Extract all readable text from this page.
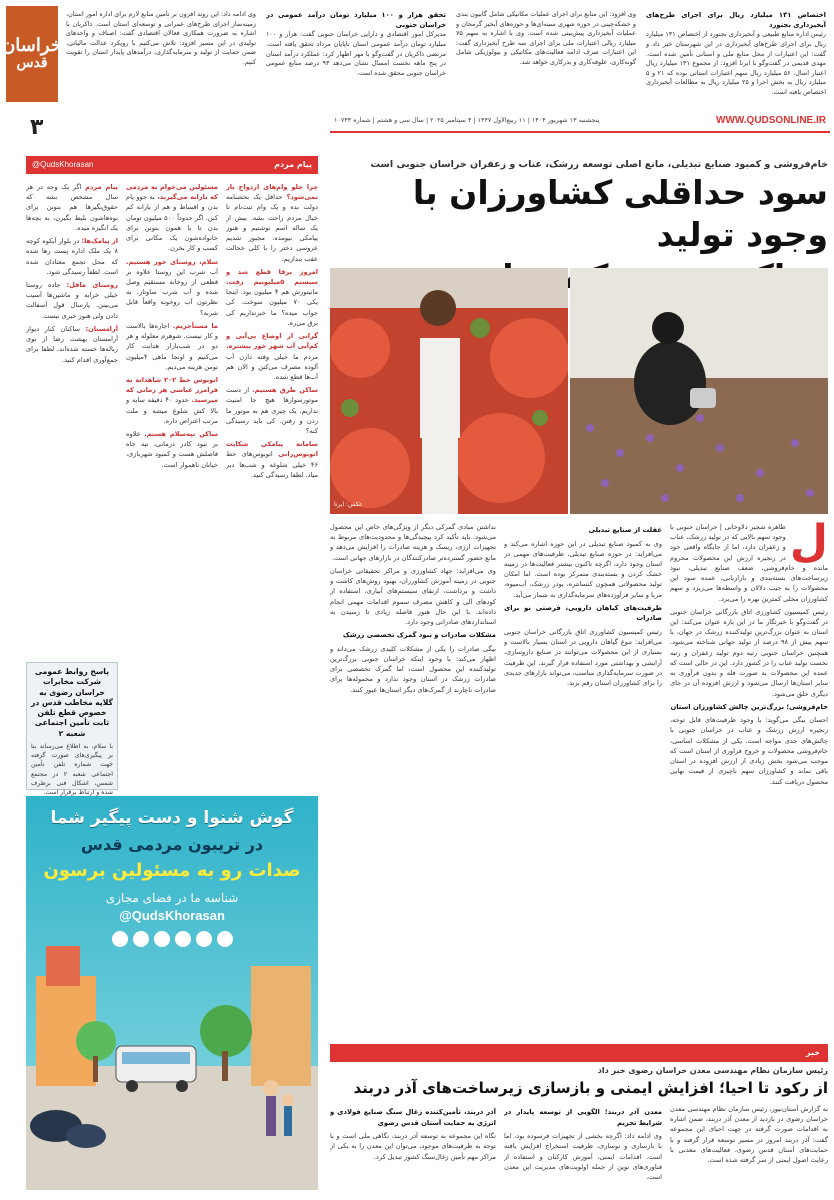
اختصاص ۱۳۱ میلیارد ریال برای اجرای طرح‌های آبخیزداری بجنورد
رئیس اداره منابع طبیعی و آبخیزداری بجنورد از اختصاص ۱۳۱ میلیارد ریال برای اجرای طرح‌های آبخیزداری در این شهرستان خبر داد و گفت: این اعتبارات از محل منابع ملی و استانی تأمین شده است. مهدی قدیمی در گفت‌وگو با ایرنا افزود: از مجموع ۱۳۱ میلیارد ریال اعتبار اسال، ۵۶ میلیارد ریال سهم اعتبارات استانی بوده که ۲۱ و ۵ میلیارد ریال به بخش اجرا و ۲۵ میلیارد ریال به مطالعات آبخیزداری اختصاص یافته است.
وی افزود: این منابع برای اجرای عملیات مکانیکی شامل گابیون بندی و خشکه‌چینی در حوزه شهری سینه‌ای‌ها و حوزه‌های آبخیز گرمخان و عملیات آبخیزداری پیش‌بینی شده است. وی با اشاره به سهم ۷۵ میلیارد ریالی اعتبارات ملی برای اجرای سه طرح آبخیزداری گفت: این اعتبارات صرف ادامه فعالیت‌های مکانیکی و بیولوژیکی شامل گونه‌کاری، علوفه‌کاری و بذرکاری خواهد شد.
تحقق هزار و ۱۰۰ میلیارد تومان درآمد عمومی در خراسان جنوبی
مدیرکل امور اقتصادی و دارایی خراسان جنوبی گفت: هزار و ۱۰۰ میلیارد تومان درآمد عمومی استان تاپایان مرداد تحقق یافته است. مرتضی ذاکریان در گفت‌وگو با مهر اظهار کرد: عملکرد درآمد استان در پنج ماهه نخست امسال نشان می‌دهد ۹۳ درصد منابع عمومی خراسان جنوبی محقق شده است.
وی ادامه داد: این روند افزون بر تأمین منابع لازم برای اداره امور استان، زمینه‌ساز اجرای طرح‌های عمرانی و توسعه‌ای استان است. ذاکریان با اشاره به ضرورت همکاری فعالان اقتصادی گفت: اصناف و واحدهای تولیدی در این مسیر افزود: تلاش می‌کنیم با رویکرد عدالت مالیاتی، ضمن حمایت از تولید و سرمایه‌گذاری، درآمدهای پایدار استان را تقویت کنیم.
خراسان
قدس
۳	WWW.QUDSONLINE.IR
پنجشنبه ۱۳ شهریور ۱۴۰۴ | ۱۱ ربیع‌الاول ۱۴۴۷ | ۴ سپتامبر ۲۰۲۵ | سال سی و هشتم | شماره ۱۰۷۳۳
پیام مردم
@QudsKhorasan

چرا جلو وام‌های ازدواج باز نمی‌شود؟ حداقل یک بخشنامه دولت بده و یک وام ثبت‌نام تا خیال مردم راحت بشه. بیش از یک ساله اسم نوشتیم و هنوز پیامکی نیومده. مجبور شدیم عروسی دختر را با کلی خجالت عقب بندازیم.

امروز برقا قطع شد و سیستم ۵میلیونیم رفت. مانیتورش هم ۴ میلیون بود. اینجا یکی ۷۰ میلیون سوخت. کی جواب میده؟ ما خبرنداریم کی برق می‌ره.

گرانی از اوضاع بی‌آبی و کم‌آبی آب شهر خور بیشتره. مردم ما خیلی وقته دارن آب آلوده مصرف می‌کنن و الان هم آب‌ها قطع شده.

ساکن طرق هستیم. از دست موتورسوارها هیچ جا امنیت نداریم. یک چیزی هم به موتور ما زدن و رفتن. کی باید رسیدگی کنه؟

سامانه پیامکی شکایت اتوبوس‌رانی اتوبوس‌های خط ۴۶ خیلی شلوغه و شب‌ها دیر میاد. لطفا رسیدگی کنید.

مسئولین می‌خوام به مردمی که بارانه می‌گیرند، به جوو یام بدن و اقساط و هم از یارانه کم کنن. اگر حدوداً ۵۰۰ میلیون تومان بدن تا با همون بتونن برای خانواده‌شون یک مکانی برای کسب و کار بخرن.

سلام، روستای خور هستیم. آب شرب این روستا علاوه بر قطعی از روخانه مستقیم وصل شده و آب شرب ساوتار. به نظرتون آب روخونه واقعاً قابل شربه؟

ما مستأجریم. اجاره‌ها بالاست و کار نیست. شوهرم معلوله و هر دو در شب‌بازار هدایت کار می‌کنیم و اونجا ماهی ۴میلیون تومن هزینه می‌دیم.

اتوبوس خط ۲۰۲ شاهدانه به فرامرز عباسی هر زمانی که میرسید. حدود ۴۰ دقیقه سایه و بالا کش شلوغ میشه و ملت مرتب اعتراض داره.

ساکن تپه‌سلام هستم. علاوه بر نبود کادر درمانی، تپه جاه فاصلش هست و کمبود شهربازی، خیابان ناهموار است.

پیام مردم اگر یک وجه در هر سال مشخص بشه که حقوق‌بگیرها هم بتونن برای نوه‌هاشون بلیط بگیرن، به بچه‌ها یک انگیزه میده.

از پیامک‌ها: در بلوار آبکوه کوچه ۸ یک ملک اداره پست رها شده که محل تجمع معتادان شده است. لطفاً رسیدگی شود.

روستای ماقل: جاده روستا خیلی خرابه و ماشین‌ها آسیب می‌بینن. پارسال قول آسفالت دادن ولی هنوز خبری نیست.

آرامستان: ساکنان کنار دیوار آرامستان بهشت رضا از بوی زباله‌ها خسته شده‌اند. لطفا برای جمع‌آوری اقدام کنید.

پاسخ روابط عمومی شرکت مخابرات خراسان رضوی به گلایه مخاطب قدس در خصوص قطع تلفن ثابت تأمین اجتماعی شعبه ۲
با سلام، به اطلاع می‌رساند بنا بر پیگیری‌های صورت گرفته جهت شماره تلفن تأمین اجتماعی شعبه ۲ در مجتمع شمس، اشکال فنی برطرف شده و ارتباط برقرار است.
گوش شنوا و دست پیگیر شما
در تریبون مردمی قدس
صدات رو به مسئولین برسون
شناسه ما در فضای مجازی
@QudsKhorasan
خام‌فروشی و کمبود صنایع تبدیلی، مانع اصلی توسعه زرشک، عناب و زعفران خراسان جنوبی است
سود حداقلی کشاورزان با وجود تولید
عکس: ایرنا
ل

طاهره شجیر دلاوخانی | خراسان جنوبی با وجود سهم بالایی که در تولید زرشک، عناب و زعفران دارد، اما از جایگاه واقعی خود در زنجیره ارزش این محصولات محروم مانده و خام‌فروشی، ضعف صنایع تبدیلی، نبود زیرساخت‌های بسته‌بندی و بازاریابی، عمده سود این محصولات را به جیب دلالان و واسطه‌ها می‌ریزد و سهم کشاورزان محلی کمترین بهره را می‌برد.

رئیس کمیسیون کشاورزی اتاق بازرگانی خراسان جنوبی در گفت‌وگو با خبرنگار ما در این باره عنوان می‌کند: این استان به عنوان بزرگ‌ترین تولیدکننده زرشک در جهان، با سهم بیش از ۹۸ درصد از تولید جهانی شناخته می‌شود. همچنین خراسان جنوبی رتبه دوم تولید زعفران و رتبه نخست تولید عناب را در کشور دارد. این در حالی است که عمده این محصولات به صورت فله و بدون فرآوری به سایر استان‌ها ارسال می‌شود و ارزش افزوده آن در جای دیگری خلق می‌شود.

خام‌فروشی؛ بزرگ‌ترین چالش کشاورزان استان

احسان بیگی می‌گوید: با وجود ظرفیت‌های قابل توجه، زنجیره ارزش زرشک و عناب در خراسان جنوبی با چالش‌های جدی مواجه است. یکی از مشکلات اساسی، خام‌فروشی محصولات و خروج فراوری از استان است که موجب می‌شود بخش زیادی از ارزش افزوده در استان باقی نماند و کشاورزان سهم ناچیزی از قیمت نهایی محصول دریافت کنند.

غفلت از صنایع تبدیلی

وی به کمبود صنایع تبدیلی در این حوزه اشاره می‌کند و می‌افزاید: در حوزه صنایع تبدیلی، ظرفیت‌های مهمی در استان وجود دارد، اگرچه تاکنون بیشتر فعالیت‌ها در زمینه خشک کردن و بسته‌بندی متمرکز بوده است. اما امکان تولید محصولاتی همچون کنسانتره، پودر زرشک، آب‌میوه، مربا و سایر فرآورده‌های سرمایه‌گذاری به شمار می‌آید.

ظرفیت‌های کیاهان دارویی، فرصتی نو برای صادرات

رئیس کمیسیون کشاورزی اتاق بازرگانی خراسان جنوبی می‌افزاید: تنوع گیاهان دارویی در استان بسیار بالاست و بسیاری از این محصولات می‌توانند در صنایع داروسازی، آرایشی و بهداشتی مورد استفاده قرار گیرند. این ظرفیت در صورت سرمایه‌گذاری مناسب، می‌تواند بازارهای جدیدی را برای کشاورزان استان رقم بزند.

نداشتن مبادی گمرکی دیگر از ویژگی‌های خاص این محصول می‌شود. باید تأکید کرد پیچیدگی‌ها و محدودیت‌های مربوط به تجهیزات ارزی، ریسک و هزینه صادرات را افزایش می‌دهد و مانع حضور گسترده‌تر صادرکنندگان در بازارهای جهانی است.

وی می‌افزاید: جهاد کشاورزی و مراکز تحقیقاتی خراسان جنوبی در زمینه آموزش کشاورزان، بهبود روش‌های کاشت و داشت و برداشت، ارتقای سیستم‌های آبیاری، استفاده از کودهای آلی و کاهش مصرف سموم اقدامات مهمی انجام داده‌اند. با این حال هنوز فاصله زیادی تا رسیدن به استانداردهای صادراتی وجود دارد.

مشکلات صادرات و نبود گمرک تخصصی زرشک

بیگی صادرات را یکی از مشکلات کلیدی زرشک می‌داند و اظهار می‌کند: با وجود اینکه خراسان جنوبی بزرگ‌ترین تولیدکننده این محصول است، اما گمرک تخصصی برای صادرات زرشک در استان وجود ندارد و محموله‌ها برای صادرات ناچارند از گمرک‌های دیگر استان‌ها عبور کنند.

خبر
رئیس سازمان نظام مهندسی معدن خراسان رضوی خبر داد
از رکود تا احیا؛ افزایش ایمنی و بازسازی زیرساخت‌های آذر دربند

به گزارش آستان‌نیوز، رئیس سازمان نظام مهندسی معدن خراسان رضوی در بازدید از معدن آذر دربند، ضمن اشاره به اقدامات صورت گرفته در جهت احیای این مجموعه گفت: آذر دربند امروز در مسیر توسعه قرار گرفته و با حمایت‌های آستان قدس رضوی، فعالیت‌های معدنی با رعایت اصول ایمنی از سر گرفته شده است.

معدن آذر دربند؛ الگویی از توسعه پایدار در شرایط تحریم

وی ادامه داد: اگرچه بخشی از تجهیزات فرسوده بود، اما با بازسازی و نوسازی، ظرفیت استخراج افزایش یافته است. اقدامات ایمنی، آموزش کارکنان و استفاده از فناوری‌های نوین از جمله اولویت‌های مدیریت این معدن است.

آذر دربند، تأمین‌کننده زغال سنگ صنایع فولادی و انرژی به حمایت آستان قدس رضوی

نگاه این مجموعه به توسعه آذر دربند، نگاهی ملی است و با توجه به ظرفیت‌های موجود، می‌توان این معدن را به یکی از مراکز مهم تأمین زغال‌سنگ کشور تبدیل کرد.
